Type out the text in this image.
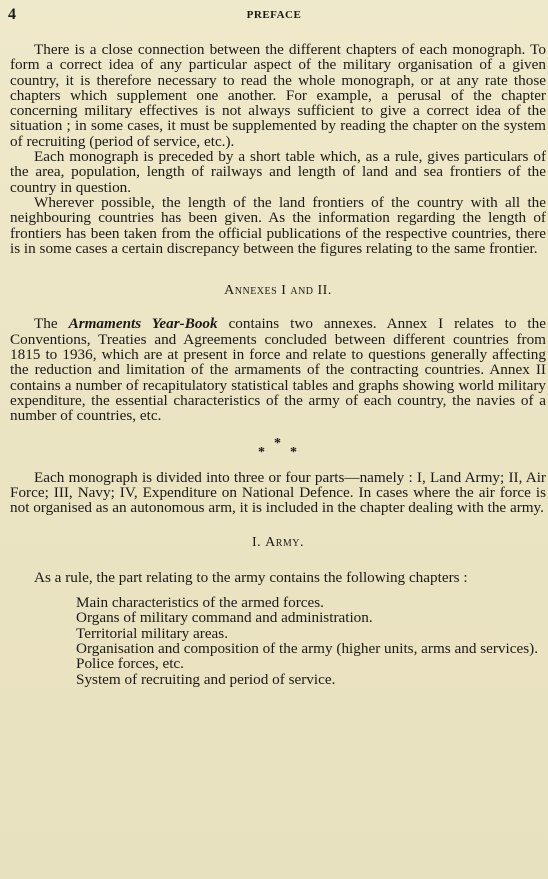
4	PREFACE

There is a close connection between the different chapters of each monograph. To form a correct idea of any particular aspect of the military organisation of a given country, it is therefore necessary to read the whole monograph, or at any rate those chapters which supplement one another. For example, a perusal of the chapter concerning military effectives is not always sufficient to give a correct idea of the situation ; in some cases, it must be supplemented by reading the chapter on the system of recruiting (period of service, etc.).

Each monograph is preceded by a short table which, as a rule, gives particulars of the area, population, length of railways and length of land and sea frontiers of the country in question.

Wherever possible, the length of the land frontiers of the country with all the neighbouring countries has been given. As the information regarding the length of frontiers has been taken from the official publications of the respective countries, there is in some cases a certain discrepancy between the figures relating to the same frontier.

Annexes I and II.

The Armaments Year-Book contains two annexes. Annex I relates to the Conventions, Treaties and Agreements concluded between different countries from 1815 to 1936, which are at present in force and relate to questions generally affecting the reduction and limitation of the armaments of the contracting countries. Annex II contains a number of recapitulatory statistical tables and graphs showing world military expenditure, the essential characteristics of the army of each country, the navies of a number of countries, etc.

*
* *

Each monograph is divided into three or four parts—namely : I, Land Army; II, Air Force; III, Navy; IV, Expenditure on National Defence. In cases where the air force is not organised as an autonomous arm, it is included in the chapter dealing with the army.

I. Army.

As a rule, the part relating to the army contains the following chapters :

Main characteristics of the armed forces.
Organs of military command and administration.
Territorial military areas.
Organisation and composition of the army (higher units, arms and services).
Police forces, etc.
System of recruiting and period of service.
